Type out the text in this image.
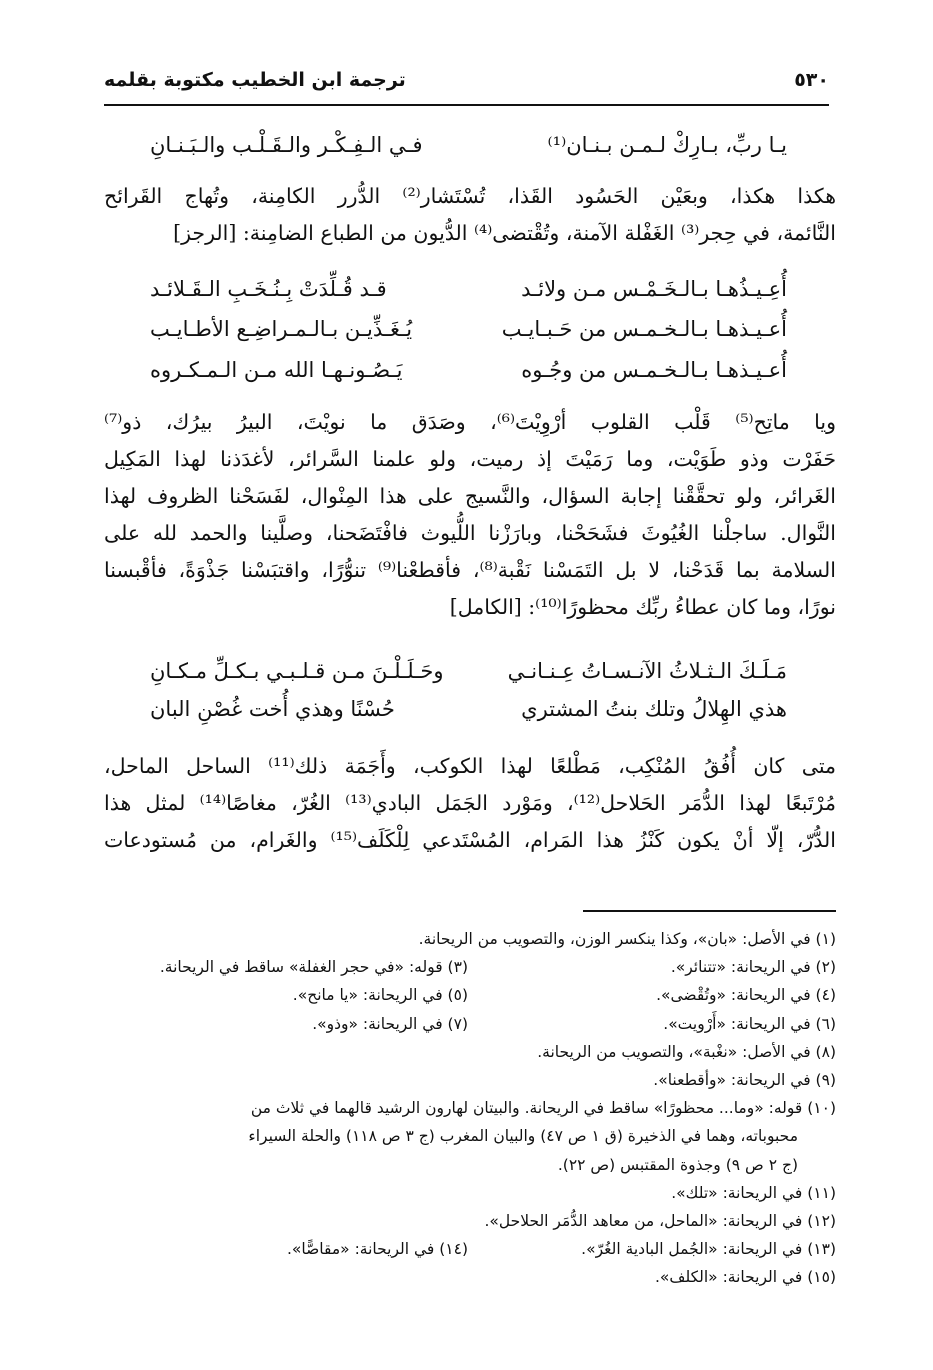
٥٣٠
ترجمة ابن الخطيب مكتوبة بقلمه
يـا ربِّ، بـارِكْ لـمـن بـنـان⁽¹⁾
فـي الـفِـكْـر والـقَـلْـب والـبَـنـانِ
هكذا هكذا، وبعَيْن الحَسُود القَذا، تُسْتَشار⁽²⁾ الدُّرر الكامِنة، وتُهاج القَرائح
النَّائمة، في حِجر⁽³⁾ الغَفْلة الآمنة، وتُقْتضى⁽⁴⁾ الدُّيون من الطباع الضامِنة: [الرجز]
أُعِـيـذُهـا بـالـخَـمْـس مـن ولائـد
قـد قُـلِّدَتْ بِـنُـخَـبِ الـقَـلائـد
أُعـيـذهـا بـالـخـمـس من حَـبـايـب
يُـغَـذِّيـن بـالـمـراضِـع الأطـايـب
أُعـيـذهـا بـالـخـمـس من وجُـوه
يَـصُـونـهـا الله مـن الـمـكـروه
ويا ماتِح⁽⁵⁾ قَلْب القلوب أرْوِيْتَ⁽⁶⁾، وصَدَق ما نويْتَ، البيرُ بيرُك، ذو⁽⁷⁾
حَفَرْت وذو طَوَيْت، وما رَمَيْتَ إذ رميت، ولو علمنا السَّرائر، لأغدَذنا لهذا المَكِيل
الغَرائر، ولو تحقَّقْنا إجابة السؤال، والنَّسيج على هذا المِنْوال، لفَسَحْنا الظروف لهذا
النَّوال. ساجلْنا الغُيُوثَ فشَحَحْنا، وبارَزْنا اللُّيوث فافْتَضَحنا، وصلَّينا والحمد لله على
السلامة بما قَدَحْنا، لا بل التَمَسْنا نَقْبة⁽⁸⁾، فأقطعْنا⁽⁹⁾ تنوُّرًا، واقتبَسْنا جَذْوَةً، فأقْبسنا
نورًا، وما كان عطاءُ ربِّك محظورًا⁽¹⁰⁾: [الكامل]
مَـلَـكَ الـثـلاثُ الآنـسـاتُ عِـنـانـي
وحَـلَـلْـنَ مـن قـلـبـي بـكـلِّ مـكـانِ
هذي الهِلالُ وتلك بنتُ المشتري
حُسْنًا وهذي أُخت غُصْنِ البان
متى كان أُفُقُ المُنْكِب، مَطْلعًا لهذا الكوكب، وأَجَمَة ذلك⁽¹¹⁾ الساحل الماحل،
مُرْتَبعًا لهذا الدُّمَر الحَلاحل⁽¹²⁾، ومَوْرد الجَمَل البادي⁽¹³⁾ الغُرّ، مغاصًا⁽¹⁴⁾ لمثل هذا
الدُّرّ، إلّا أنْ يكون كَنْزُ هذا المَرام، المُسْتَدعي لِلْكَلَف⁽¹⁵⁾ والغَرام، من مُستودعات
(١) في الأصل: «بان»، وكذا ينكسر الوزن، والتصويب من الريحانة.
(٢) في الريحانة: «تتنائر».
(٣) قوله: «في حجر الغفلة» ساقط في الريحانة.
(٤) في الريحانة: «وتُقْضى».
(٥) في الريحانة: «يا مانح».
(٦) في الريحانة: «أَرْويت».
(٧) في الريحانة: «وذو».
(٨) في الأصل: «نغْبة»، والتصويب من الريحانة.
(٩) في الريحانة: «وأقطعنا».
(١٠) قوله: «وما... محظورًا» ساقط في الريحانة. والبيتان لهارون الرشيد قالهما في ثلاث من
محبوباته، وهما في الذخيرة (ق ١ ص ٤٧) والبيان المغرب (ج ٣ ص ١١٨) والحلة السيراء
(ج ٢ ص ٩) وجذوة المقتبس (ص ٢٢).
(١١) في الريحانة: «تلك».
(١٢) في الريحانة: «الماحل، من معاهد الدُّمَر الحلاحل».
(١٣) في الريحانة: «الجُمل البادية الغُرّ».
(١٤) في الريحانة: «مقاصًّا».
(١٥) في الريحانة: «الكلف».
